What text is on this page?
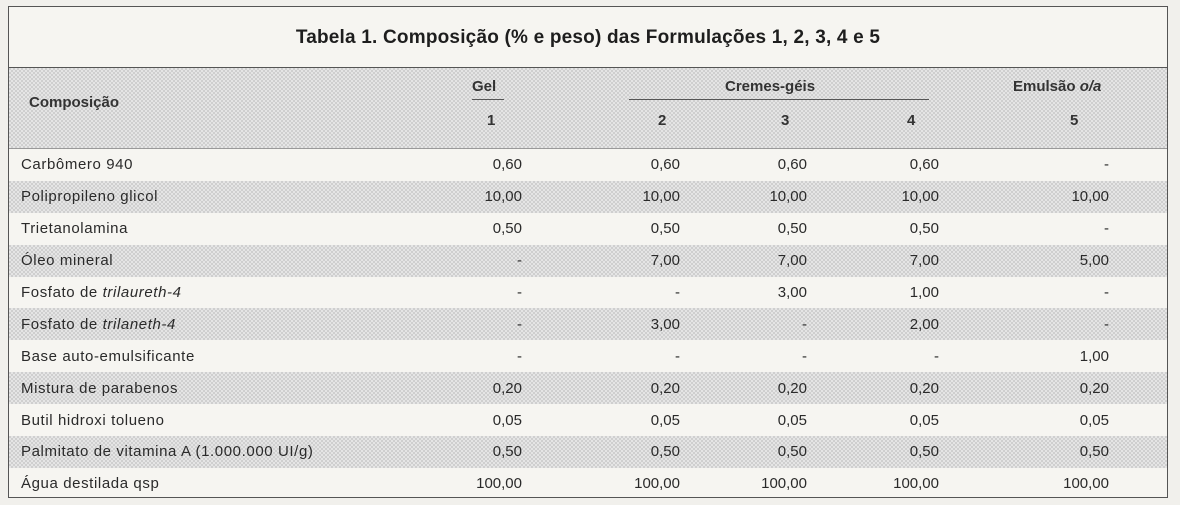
Tabela 1. Composição (% e peso) das Formulações 1, 2, 3, 4 e 5
Composição
Gel	Cremes-géis	Emulsão o/a
1	2	3	4	5
Carbômero 940	0,60	0,60	0,60	0,60	-	
Polipropileno glicol	10,00	10,00	10,00	10,00	10,00	
Trietanolamina	0,50	0,50	0,50	0,50	-	
Óleo mineral	-	7,00	7,00	7,00	5,00	
Fosfato de trilaureth-4	-	-	3,00	1,00	-	
Fosfato de trilaneth-4	-	3,00	-	2,00	-	
Base auto-emulsificante	-	-	-	-	1,00	
Mistura de parabenos	0,20	0,20	0,20	0,20	0,20	
Butil hidroxi tolueno	0,05	0,05	0,05	0,05	0,05	
Palmitato de vitamina A (1.000.000 UI/g)	0,50	0,50	0,50	0,50	0,50	
Água destilada qsp	100,00	100,00	100,00	100,00	100,00	
